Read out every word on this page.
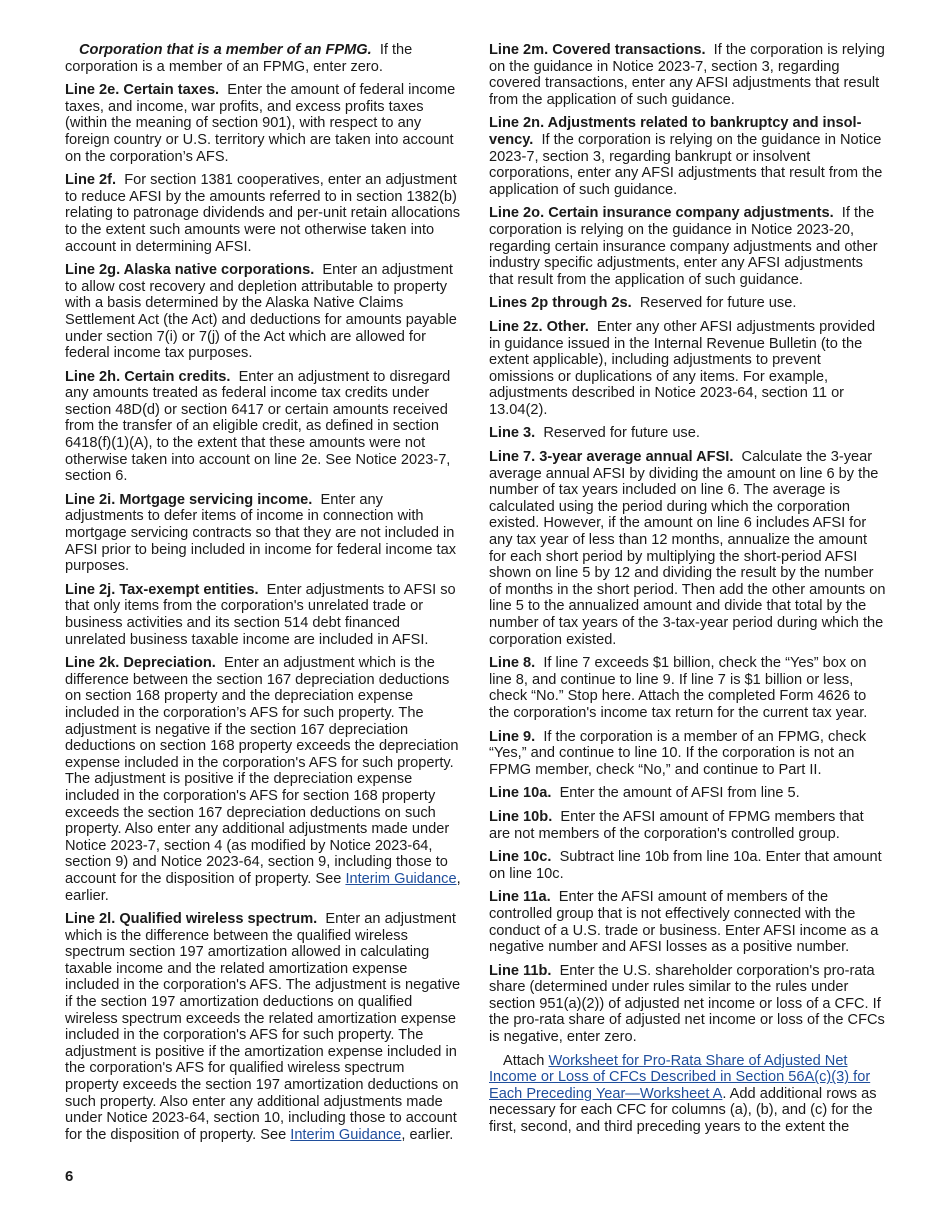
Corporation that is a member of an FPMG. If the corporation is a member of an FPMG, enter zero.

Line 2e. Certain taxes. Enter the amount of federal income taxes, and income, war profits, and excess profits taxes (within the meaning of section 901), with respect to any foreign country or U.S. territory which are taken into account on the corporation’s AFS.

Line 2f. For section 1381 cooperatives, enter an adjustment to reduce AFSI by the amounts referred to in section 1382(b) relating to patronage dividends and per-unit retain allocations to the extent such amounts were not otherwise taken into account in determining AFSI.

Line 2g. Alaska native corporations. Enter an adjustment to allow cost recovery and depletion attributable to property with a basis determined by the Alaska Native Claims Settlement Act (the Act) and deductions for amounts payable under section 7(i) or 7(j) of the Act which are allowed for federal income tax purposes.

Line 2h. Certain credits. Enter an adjustment to disregard any amounts treated as federal income tax credits under section 48D(d) or section 6417 or certain amounts received from the transfer of an eligible credit, as defined in section 6418(f)(1)(A), to the extent that these amounts were not otherwise taken into account on line 2e. See Notice 2023-7, section 6.

Line 2i. Mortgage servicing income. Enter any adjustments to defer items of income in connection with mortgage servicing contracts so that they are not included in AFSI prior to being included in income for federal income tax purposes.

Line 2j. Tax-exempt entities. Enter adjustments to AFSI so that only items from the corporation's unrelated trade or business activities and its section 514 debt financed unrelated business taxable income are included in AFSI.

Line 2k. Depreciation. Enter an adjustment which is the difference between the section 167 depreciation deductions on section 168 property and the depreciation expense included in the corporation’s AFS for such property. The adjustment is negative if the section 167 depreciation deductions on section 168 property exceeds the depreciation expense included in the corporation's AFS for such property. The adjustment is positive if the depreciation expense included in the corporation's AFS for section 168 property exceeds the section 167 depreciation deductions on such property. Also enter any additional adjustments made under Notice 2023-7, section 4 (as modified by Notice 2023-64, section 9) and Notice 2023-64, section 9, including those to account for the disposition of property. See Interim Guidance, earlier.

Line 2l. Qualified wireless spectrum. Enter an adjustment which is the difference between the qualified wireless spectrum section 197 amortization allowed in calculating taxable income and the related amortization expense included in the corporation's AFS. The adjustment is negative if the section 197 amortization deductions on qualified wireless spectrum exceeds the related amortization expense included in the corporation's AFS for such property. The adjustment is positive if the amortization expense included in the corporation's AFS for qualified wireless spectrum property exceeds the section 197 amortization deductions on such property. Also enter any additional adjustments made under Notice 2023-64, section 10, including those to account for the disposition of property. See Interim Guidance, earlier.

Line 2m. Covered transactions. If the corporation is relying on the guidance in Notice 2023-7, section 3, regarding covered transactions, enter any AFSI adjustments that result from the application of such guidance.

Line 2n. Adjustments related to bankruptcy and insolvency. If the corporation is relying on the guidance in Notice 2023-7, section 3, regarding bankrupt or insolvent corporations, enter any AFSI adjustments that result from the application of such guidance.

Line 2o. Certain insurance company adjustments. If the corporation is relying on the guidance in Notice 2023-20, regarding certain insurance company adjustments and other industry specific adjustments, enter any AFSI adjustments that result from the application of such guidance.

Lines 2p through 2s. Reserved for future use.

Line 2z. Other. Enter any other AFSI adjustments provided in guidance issued in the Internal Revenue Bulletin (to the extent applicable), including adjustments to prevent omissions or duplications of any items. For example, adjustments described in Notice 2023-64, section 11 or 13.04(2).

Line 3. Reserved for future use.

Line 7. 3-year average annual AFSI. Calculate the 3-year average annual AFSI by dividing the amount on line 6 by the number of tax years included on line 6. The average is calculated using the period during which the corporation existed. However, if the amount on line 6 includes AFSI for any tax year of less than 12 months, annualize the amount for each short period by multiplying the short-period AFSI shown on line 5 by 12 and dividing the result by the number of months in the short period. Then add the other amounts on line 5 to the annualized amount and divide that total by the number of tax years of the 3-tax-year period during which the corporation existed.

Line 8. If line 7 exceeds $1 billion, check the “Yes” box on line 8, and continue to line 9. If line 7 is $1 billion or less, check “No.” Stop here. Attach the completed Form 4626 to the corporation's income tax return for the current tax year.

Line 9. If the corporation is a member of an FPMG, check “Yes,” and continue to line 10. If the corporation is not an FPMG member, check “No,” and continue to Part II.

Line 10a. Enter the amount of AFSI from line 5.

Line 10b. Enter the AFSI amount of FPMG members that are not members of the corporation's controlled group.

Line 10c. Subtract line 10b from line 10a. Enter that amount on line 10c.

Line 11a. Enter the AFSI amount of members of the controlled group that is not effectively connected with the conduct of a U.S. trade or business. Enter AFSI income as a negative number and AFSI losses as a positive number.

Line 11b. Enter the U.S. shareholder corporation's pro-rata share (determined under rules similar to the rules under section 951(a)(2)) of adjusted net income or loss of a CFC. If the pro-rata share of adjusted net income or loss of the CFCs is negative, enter zero.

Attach Worksheet for Pro-Rata Share of Adjusted Net Income or Loss of CFCs Described in Section 56A(c)(3) for Each Preceding Year—Worksheet A. Add additional rows as necessary for each CFC for columns (a), (b), and (c) for the first, second, and third preceding years to the extent the

6
